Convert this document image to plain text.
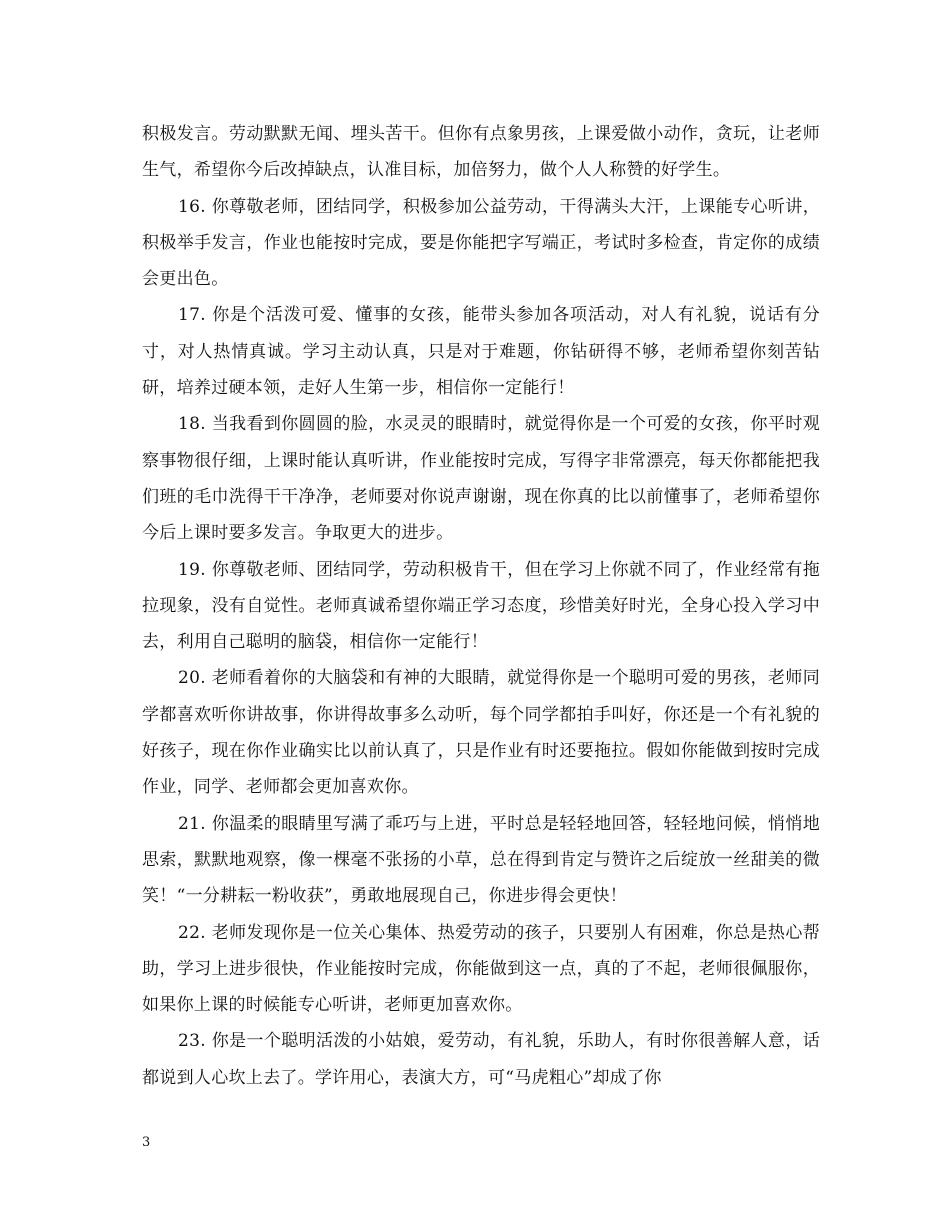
积极发言。劳动默默无闻、埋头苦干。但你有点象男孩，上课爱做小动作，贪玩，让老师生气，希望你今后改掉缺点，认准目标，加倍努力，做个人人称赞的好学生。

16. 你尊敬老师，团结同学，积极参加公益劳动，干得满头大汗，上课能专心听讲，积极举手发言，作业也能按时完成，要是你能把字写端正，考试时多检查，肯定你的成绩会更出色。

17. 你是个活泼可爱、懂事的女孩，能带头参加各项活动，对人有礼貌，说话有分寸，对人热情真诚。学习主动认真，只是对于难题，你钻研得不够，老师希望你刻苦钻研，培养过硬本领，走好人生第一步，相信你一定能行！

18. 当我看到你圆圆的脸，水灵灵的眼睛时，就觉得你是一个可爱的女孩，你平时观察事物很仔细，上课时能认真听讲，作业能按时完成，写得字非常漂亮，每天你都能把我们班的毛巾洗得干干净净，老师要对你说声谢谢，现在你真的比以前懂事了，老师希望你今后上课时要多发言。争取更大的进步。

19. 你尊敬老师、团结同学，劳动积极肯干，但在学习上你就不同了，作业经常有拖拉现象，没有自觉性。老师真诚希望你端正学习态度，珍惜美好时光，全身心投入学习中去，利用自己聪明的脑袋，相信你一定能行！

20. 老师看着你的大脑袋和有神的大眼睛，就觉得你是一个聪明可爱的男孩，老师同学都喜欢听你讲故事，你讲得故事多么动听，每个同学都拍手叫好，你还是一个有礼貌的好孩子，现在你作业确实比以前认真了，只是作业有时还要拖拉。假如你能做到按时完成作业，同学、老师都会更加喜欢你。

21. 你温柔的眼睛里写满了乖巧与上进，平时总是轻轻地回答，轻轻地问候，悄悄地思索，默默地观察，像一棵毫不张扬的小草，总在得到肯定与赞许之后绽放一丝甜美的微笑！“一分耕耘一粉收获”，勇敢地展现自己，你进步得会更快！

22. 老师发现你是一位关心集体、热爱劳动的孩子，只要别人有困难，你总是热心帮助，学习上进步很快，作业能按时完成，你能做到这一点，真的了不起，老师很佩服你，如果你上课的时候能专心听讲，老师更加喜欢你。

23. 你是一个聪明活泼的小姑娘，爱劳动，有礼貌，乐助人，有时你很善解人意，话都说到人心坎上去了。学许用心，表演大方，可“马虎粗心”却成了你

3
